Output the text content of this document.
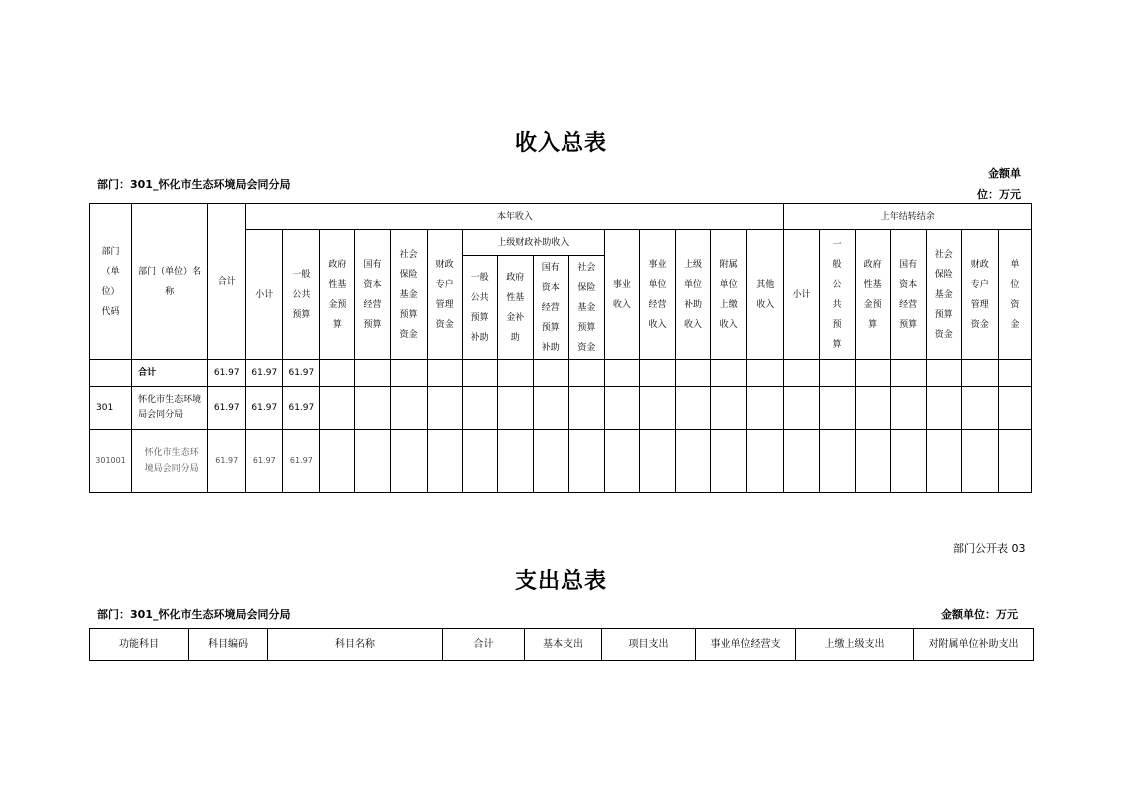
收入总表
部门：301_怀化市生态环境局会同分局
金额单
位：万元
部门（单位）代码	部门（单位）名称	合计	本年收入															上年结转结余						
			小计	一般公共预算	政府性基金预算	国有资本经营预算	社会保险基金预算资金	财政专户管理资金	上级财政补助收入				事业收入	事业单位经营收入	上级单位补助收入	附属单位上缴收入	其他收入	小计	一般公共预算	政府性基金预算	国有资本经营预算	社会保险基金预算资金	财政专户管理资金	单位资金
									一般公共预算补助	政府性基金补助	国有资本经营预算补助	社会保险基金预算资金												
	合计	61.97	61.97	61.97																				
301	怀化市生态环境局会同分局	61.97	61.97	61.97																				
301001	怀化市生态环境局会同分局	61.97	61.97	61.97																				
部门公开表 03
支出总表
部门：301_怀化市生态环境局会同分局	金额单位：万元
功能科目	科目编码	科目名称	合计	基本支出	项目支出	事业单位经营支	上缴上级支出	对附属单位补助支出
